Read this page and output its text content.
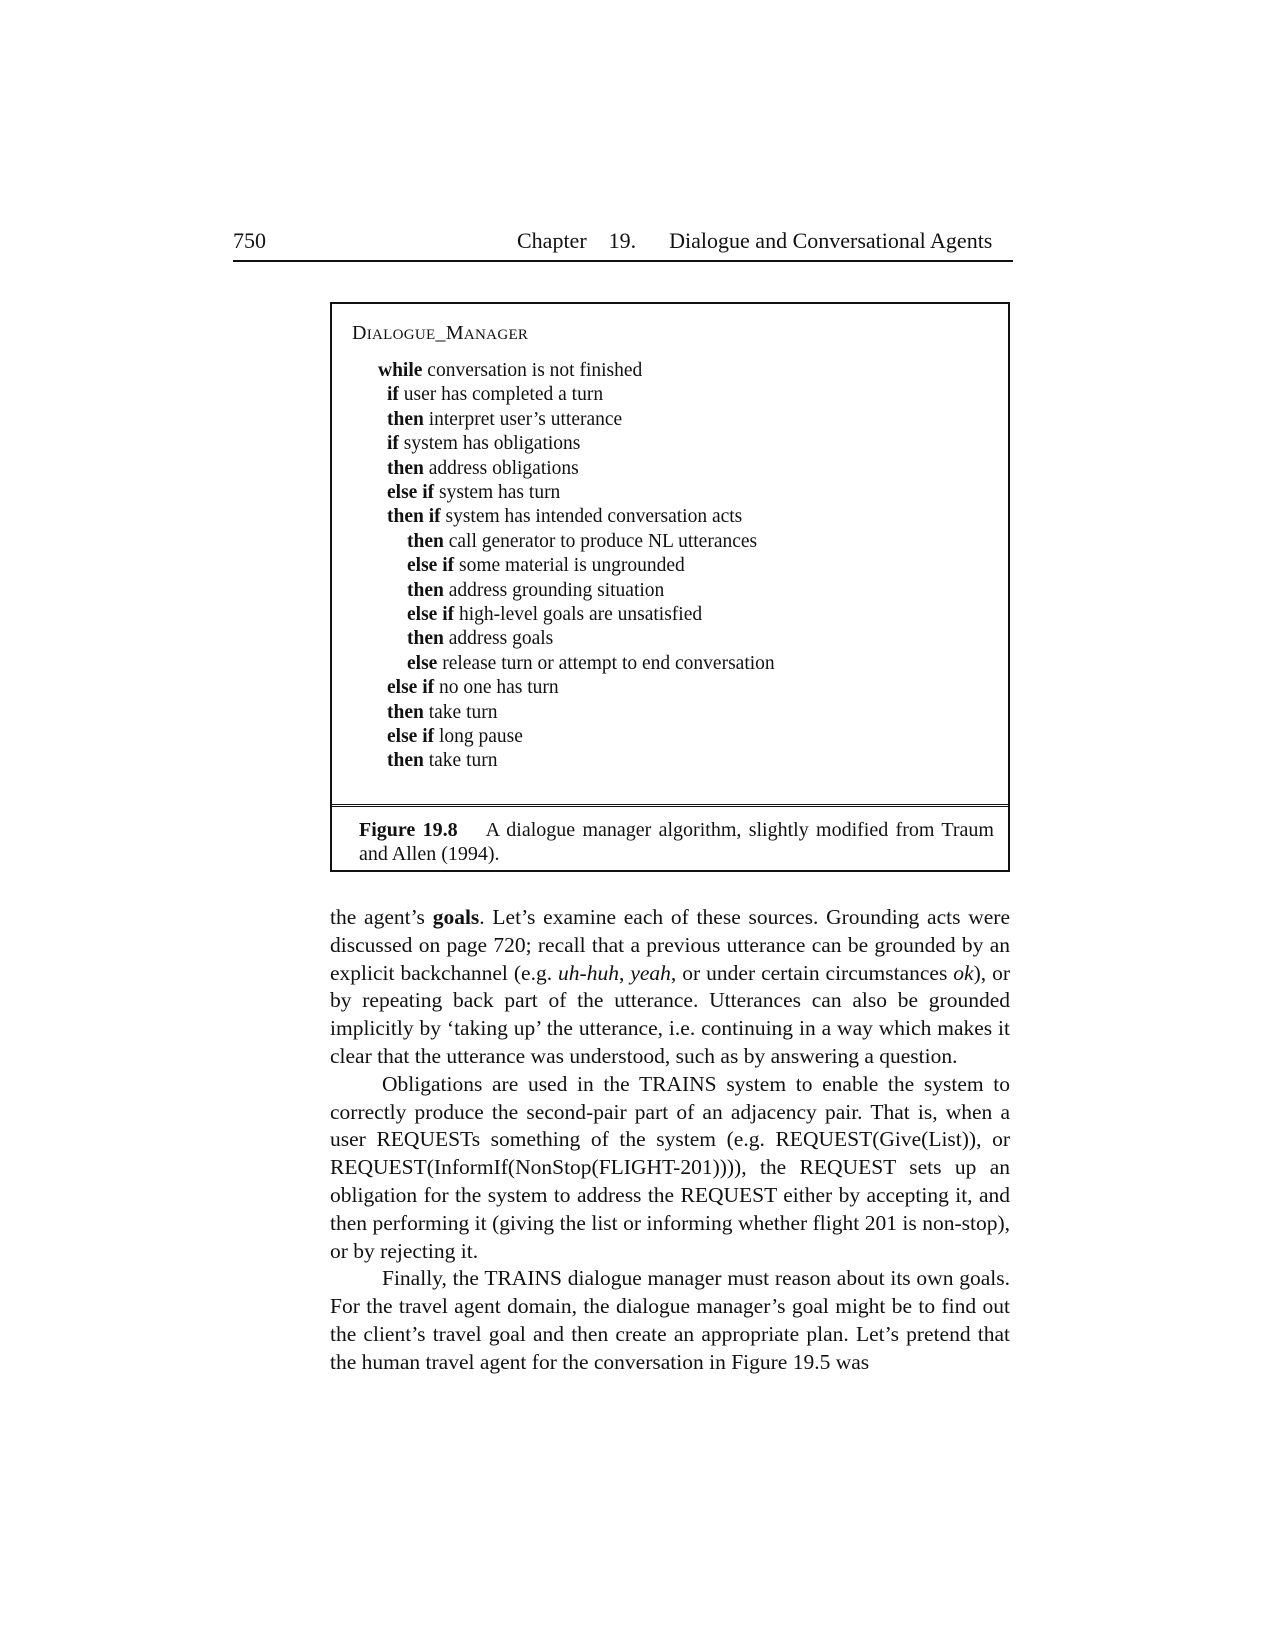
750	Chapter 19. Dialogue and Conversational Agents
DIALOGUE_MANAGER
while conversation is not finished
if user has completed a turn
then interpret user’s utterance
if system has obligations
then address obligations
else if system has turn
then if system has intended conversation acts
then call generator to produce NL utterances
else if some material is ungrounded
then address grounding situation
else if high-level goals are unsatisfied
then address goals
else release turn or attempt to end conversation
else if no one has turn
then take turn
else if long pause
then take turn
Figure 19.8 A dialogue manager algorithm, slightly modified from Traum and Allen (1994).

the agent’s goals. Let’s examine each of these sources. Grounding acts were discussed on page 720; recall that a previous utterance can be grounded by an explicit backchannel (e.g. uh-huh, yeah, or under certain circumstances ok), or by repeating back part of the utterance. Utterances can also be grounded implicitly by ‘taking up’ the utterance, i.e. continuing in a way which makes it clear that the utterance was understood, such as by answering a question.

Obligations are used in the TRAINS system to enable the system to correctly produce the second-pair part of an adjacency pair. That is, when a user REQUESTs something of the system (e.g. REQUEST(Give(List)), or REQUEST(InformIf(NonStop(FLIGHT-201)))), the REQUEST sets up an obligation for the system to address the REQUEST either by accepting it, and then performing it (giving the list or informing whether flight 201 is non-stop), or by rejecting it.

Finally, the TRAINS dialogue manager must reason about its own goals. For the travel agent domain, the dialogue manager’s goal might be to find out the client’s travel goal and then create an appropriate plan. Let’s pretend that the human travel agent for the conversation in Figure 19.5 was
